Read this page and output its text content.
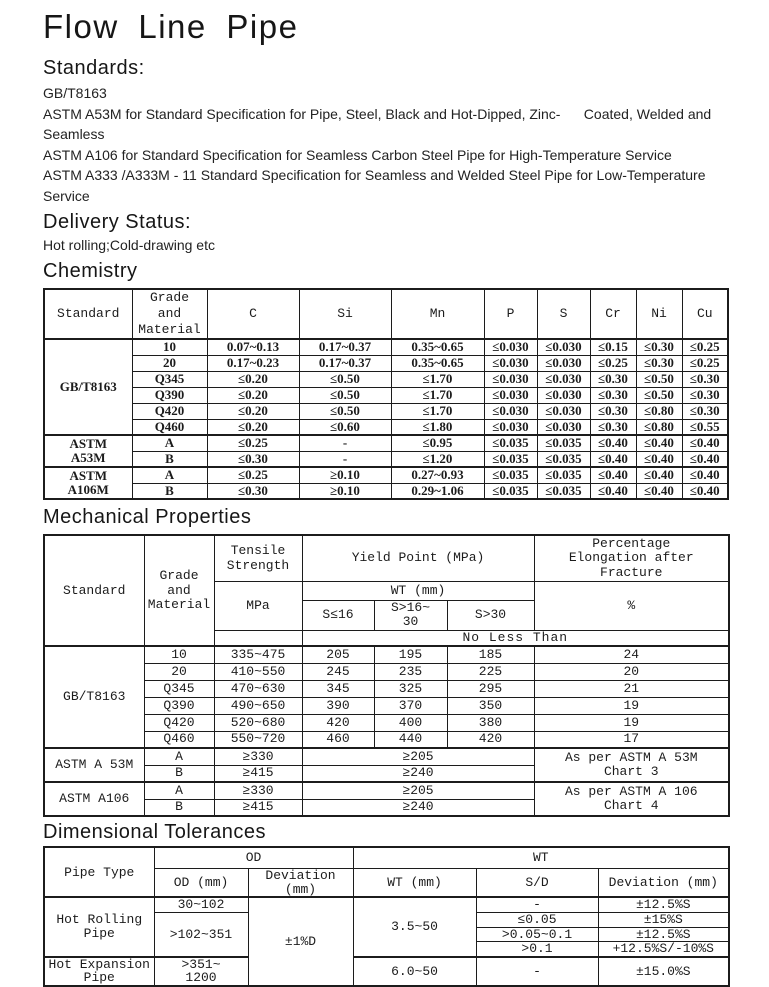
Flow Line Pipe
Standards:
GB/T8163
ASTM A53M for Standard Specification for Pipe, Steel, Black and Hot-Dipped, Zinc-      Coated, Welded and
Seamless
ASTM A106 for Standard Specification for Seamless Carbon Steel Pipe for High-Temperature Service
ASTM A333 /A333M - 11 Standard Specification for Seamless and Welded Steel Pipe for Low-Temperature
Service
Delivery Status:
Hot rolling;Cold-drawing etc
Chemistry
Standard	Grade and Material	C	Si	Mn	P	S	Cr	Ni	Cu
GB/T8163	10	0.07~0.13	0.17~0.37	0.35~0.65	≤0.030	≤0.030	≤0.15	≤0.30	≤0.25
	20	0.17~0.23	0.17~0.37	0.35~0.65	≤0.030	≤0.030	≤0.25	≤0.30	≤0.25
	Q345	≤0.20	≤0.50	≤1.70	≤0.030	≤0.030	≤0.30	≤0.50	≤0.30
	Q390	≤0.20	≤0.50	≤1.70	≤0.030	≤0.030	≤0.30	≤0.50	≤0.30
	Q420	≤0.20	≤0.50	≤1.70	≤0.030	≤0.030	≤0.30	≤0.80	≤0.30
	Q460	≤0.20	≤0.60	≤1.80	≤0.030	≤0.030	≤0.30	≤0.80	≤0.55

ASTM
A53M	A	≤0.25	-	≤0.95	≤0.035	≤0.035	≤0.40	≤0.40	≤0.40
	B	≤0.30	-	≤1.20	≤0.035	≤0.035	≤0.40	≤0.40	≤0.40

ASTM
A106M	A	≤0.25	≥0.10	0.27~0.93	≤0.035	≤0.035	≤0.40	≤0.40	≤0.40
	B	≤0.30	≥0.10	0.29~1.06	≤0.035	≤0.035	≤0.40	≤0.40	≤0.40
Mechanical Properties
Standard	Grade and Material	Tensile Strength	Yield Point (MPa)			Percentage
Elongation after
Fracture

		MPa	WT (mm)			%
			S≤16	S>16~
30	S>30	
			No Less Than			
GB/T8163	10	335~475	205	195	185	24
	20	410~550	245	235	225	20
	Q345	470~630	345	325	295	21
	Q390	490~650	390	370	350	19
	Q420	520~680	420	400	380	19
	Q460	550~720	460	440	420	17
ASTM A 53M	A	≥330	≥205			As per ASTM A 53M
Chart 3

	B	≥415	≥240			
ASTM A106	A	≥330	≥205			As per ASTM A 106
Chart 4

	B	≥415	≥240			
Dimensional Tolerances
Pipe Type	OD		WT		
	OD (mm)	Deviation (mm)	WT (mm)	S/D	Deviation (mm)
Hot Rolling Pipe	30~102	±1%D	3.5~50	-	±12.5%S
	>102~351			≤0.05	±15%S
				>0.05~0.1	±12.5%S
				>0.1	+12.5%S/-10%S
Hot Expansion Pipe	>351~
1200		6.0~50	-	±15.0%S
